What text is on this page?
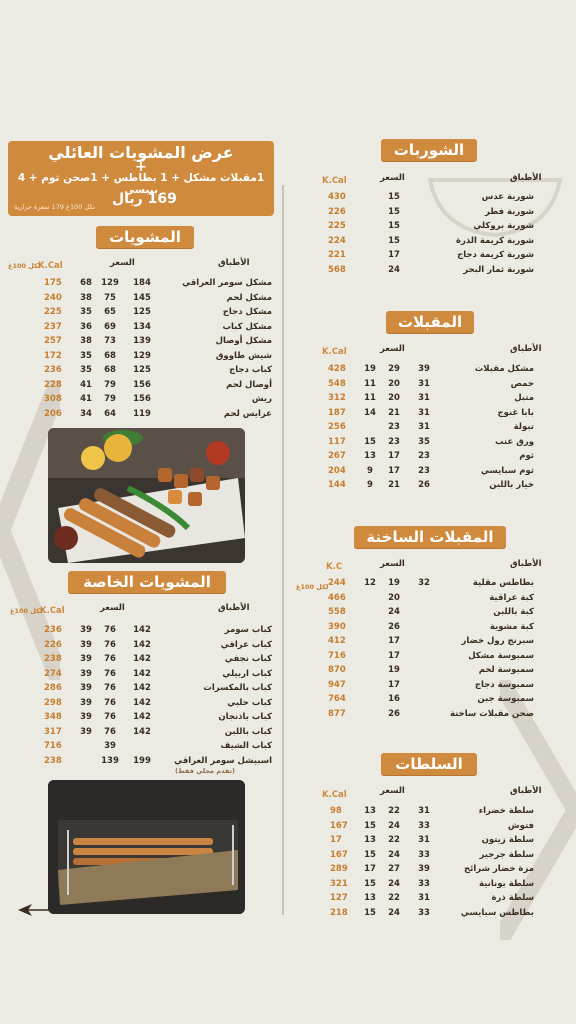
عرض المشويات العائلي
+
1مقبلات مشكل + 1 بطاطس + 1صحن ثوم + 4 بيبسي
169 ريال
تكل 100غ 179 سعرة حرارية
المشويات
الأطباق
السعر
K.Cal
لكل 100غ
مشكل سومر العراقي
184
129
68
175
مشكل لحم
145
75
38
240
مشكل دجاج
125
65
35
225
مشكل كباب
134
69
36
237
مشكل أوصال
139
73
38
257
شيش طاووق
129
68
35
172
كباب دجاج
125
68
35
236
أوصال لحم
156
79
41
228
ريش
156
79
41
308
عرايس لحم
119
64
34
206
المشويات الخاصة
الأطباق
السعر
K.Cal
لكل 100غ
كباب سومر
142
76
39
236
كباب عراقي
142
76
39
226
كباب نجفي
142
76
39
238
كباب اربيلي
142
76
39
274
كباب بالمكسرات
142
76
39
286
كباب حلبي
142
76
39
298
كباب باذنجان
142
76
39
348
كباب باللبن
142
76
39
317
كباب الشيف
39
716
اسبيشل سومر العراقي
199
139
238
(تقدم محلي فقط)
الشوربات
الأطباق
السعر
K.Cal
شوربة عدس
15
430
شوربة فطر
15
226
شوربة بروكلي
15
225
شوربة كريمة الذرة
15
224
شوربة كريمة دجاج
17
221
شوربة ثمار البحر
24
568
المقبلات
الأطباق
السعر
K.Cal
مشكل مقبلات
39
29
19
428
حمص
31
20
11
548
متبل
31
20
11
312
بابا غنوج
31
21
14
187
تبولة
31
23
256
ورق عنب
35
23
15
117
ثوم
23
17
13
267
ثوم سبايسي
23
17
9
204
خيار باللبن
26
21
9
144
المقبلات الساخنة
الأطباق
السعر
K.C
لكل 100غ	بطاطس مقلية
32
19
12
244
كبة عراقية
20
466
كبة باللبن
24
558
كبة مشوية
26
390
سبرنج رول خضار
17
412
سمبوسة مشكل
17
716
سمبوسة لحم
19
870
سمبوسة دجاج
17
947
سمبوسة جبن
16
764
صحن مقبلات ساخنة
26
877
السلطات
الأطباق
السعر
K.Cal
سلطة خضراء
31
22
13
98
فتوش
33
24
15
167
سلطة زيتون
31
22
13
17
سلطة جرجير
33
24
15
167
مزة خضار شرائح
39
27
17
289
سلطة يونانية
33
24
15
321
سلطة ذرة
31
22
13
127
بطاطس سبايسي
33
24
15
218
